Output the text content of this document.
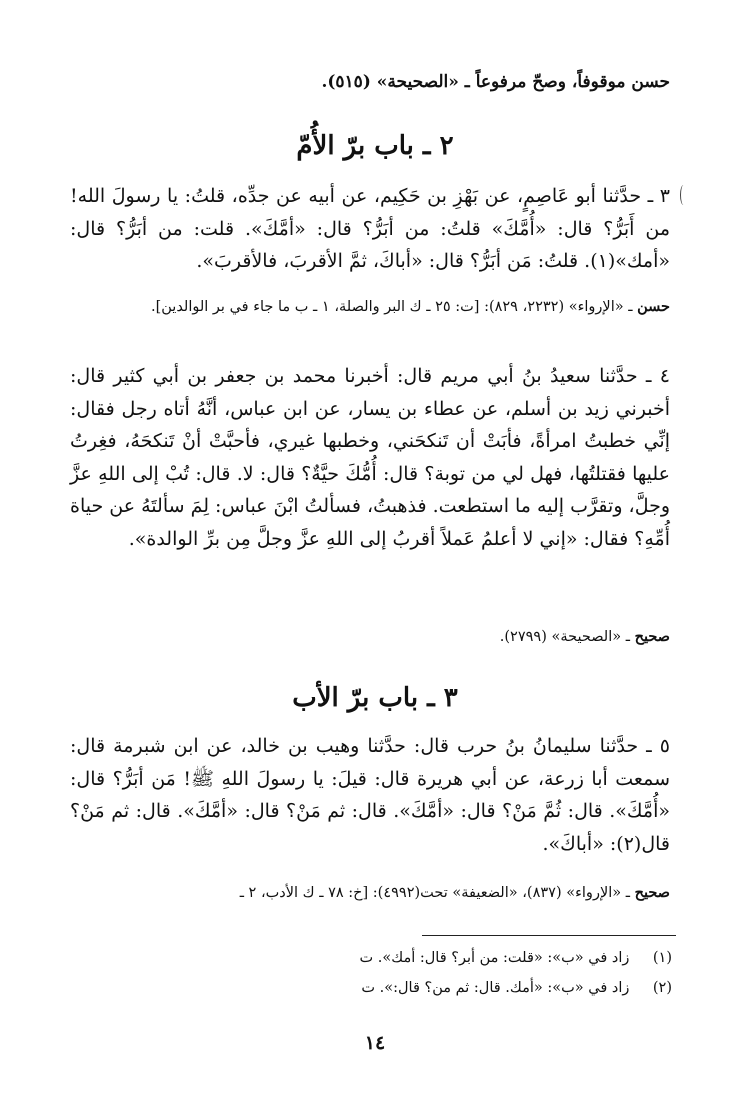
حسن موقوفاً، وصحّ مرفوعاً ـ «الصحيحة» (٥١٥).
٢ ـ باب برّ الأُمّ
٣ ـ حدَّثنا أبو عَاصِمٍ، عن بَهْزِ بن حَكِيم، عن أبيه عن جدِّه، قلتُ: يا رسولَ الله! من أَبَرُّ؟ قال: «أُمَّكَ» قلتُ: من أبَرُّ؟ قال: «أمَّكَ». قلت: من أبَرُّ؟ قال: «أمك»(١). قلتُ: مَن أبَرُّ؟ قال: «أباكَ، ثمَّ الأقربَ، فالأقربَ».
حسن ـ «الإرواء» (٢٢٣٢، ٨٢٩): [ت: ٢٥ ـ ك البر والصلة، ١ ـ ب ما جاء في بر الوالدين].
٤ ـ حدَّثنا سعيدُ بنُ أبي مريم قال: أخبرنا محمد بن جعفر بن أبي كثير قال: أخبرني زيد بن أسلم، عن عطاء بن يسار، عن ابن عباس، أنَّهُ أتاه رجل فقال: إنِّي خطبتُ امرأةً، فأبَتْ أن تَنكحَني، وخطبها غيري، فأحبَّتْ أنْ تَنكحَهُ، فغِرتُ عليها فقتلتُها، فهل لي من توبة؟ قال: أُمُّكَ حيَّةٌ؟ قال: لا. قال: تُبْ إلى اللهِ عزَّ وجلَّ، وتقرَّب إليه ما استطعت. فذهبتُ، فسألتُ ابْنَ عباس: لِمَ سألتَهُ عن حياة أُمِّهِ؟ فقال: «إني لا أعلمُ عَملاً أقربُ إلى اللهِ عزَّ وجلَّ مِن برِّ الوالدة».
صحيح ـ «الصحيحة» (٢٧٩٩).
٣ ـ باب برّ الأب
٥ ـ حدَّثنا سليمانُ بنُ حرب قال: حدَّثنا وهيب بن خالد، عن ابن شبرمة قال: سمعت أبا زرعة، عن أبي هريرة قال: قيلَ: يا رسولَ اللهِ ﷺ! مَن أبَرُّ؟ قال: «أُمَّكَ». قال: ثُمَّ مَنْ؟ قال: «أمَّكَ». قال: ثم مَنْ؟ قال: «أمَّكَ». قال: ثم مَنْ؟ قال(٢): «أباكَ».
صحيح ـ «الإرواء» (٨٣٧)، «الضعيفة» تحت(٤٩٩٢): [خ: ٧٨ ـ ك الأدب، ٢ ـ
(١) زاد في «ب»: «قلت: من أبر؟ قال: أمك». ت
(٢) زاد في «ب»: «أمك. قال: ثم من؟ قال:». ت
١٤
